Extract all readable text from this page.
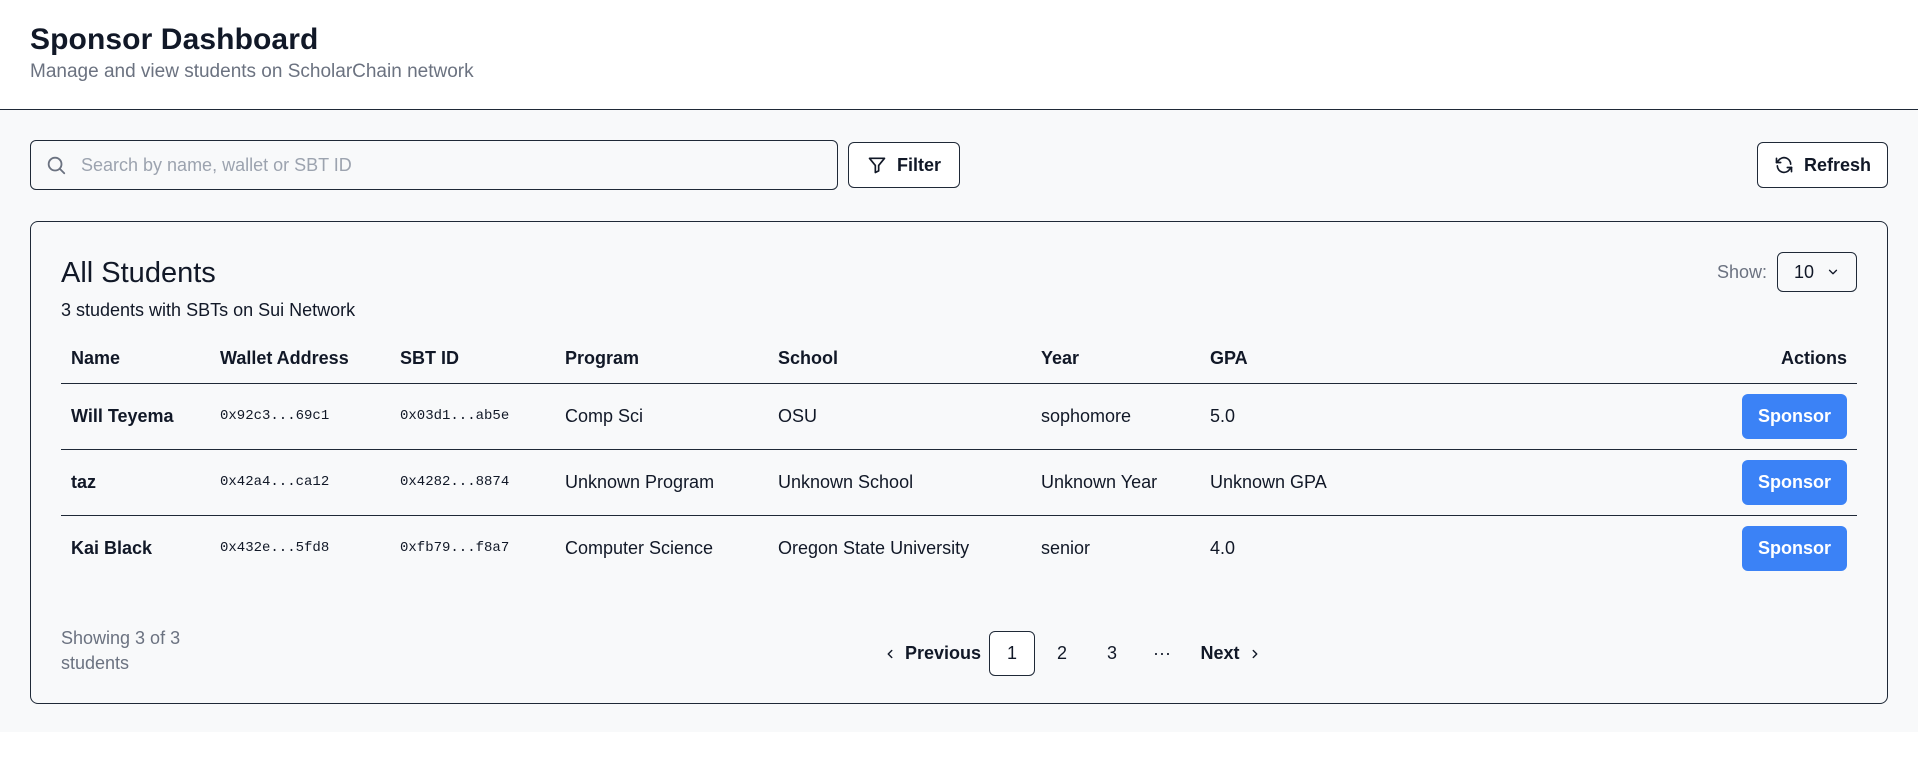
Sponsor Dashboard

Manage and view students on ScholarChain network

Search by name, wallet or SBT ID
Filter	Refresh
All Students
3 students with SBTs on Sui Network
Show: 10
Name	Wallet Address	SBT ID	Program	School	Year	GPA	Actions
Will Teyema	0x92c3...69c1	0x03d1...ab5e	Comp Sci	OSU	sophomore	5.0	Sponsor
taz	0x42a4...ca12	0x4282...8874	Unknown Program	Unknown School	Unknown Year	Unknown GPA	Sponsor
Kai Black	0x432e...5fd8	0xfb79...f8a7	Computer Science	Oregon State University	senior	4.0	Sponsor
Showing 3 of 3 students	Previous	1	2	3	···	Next
